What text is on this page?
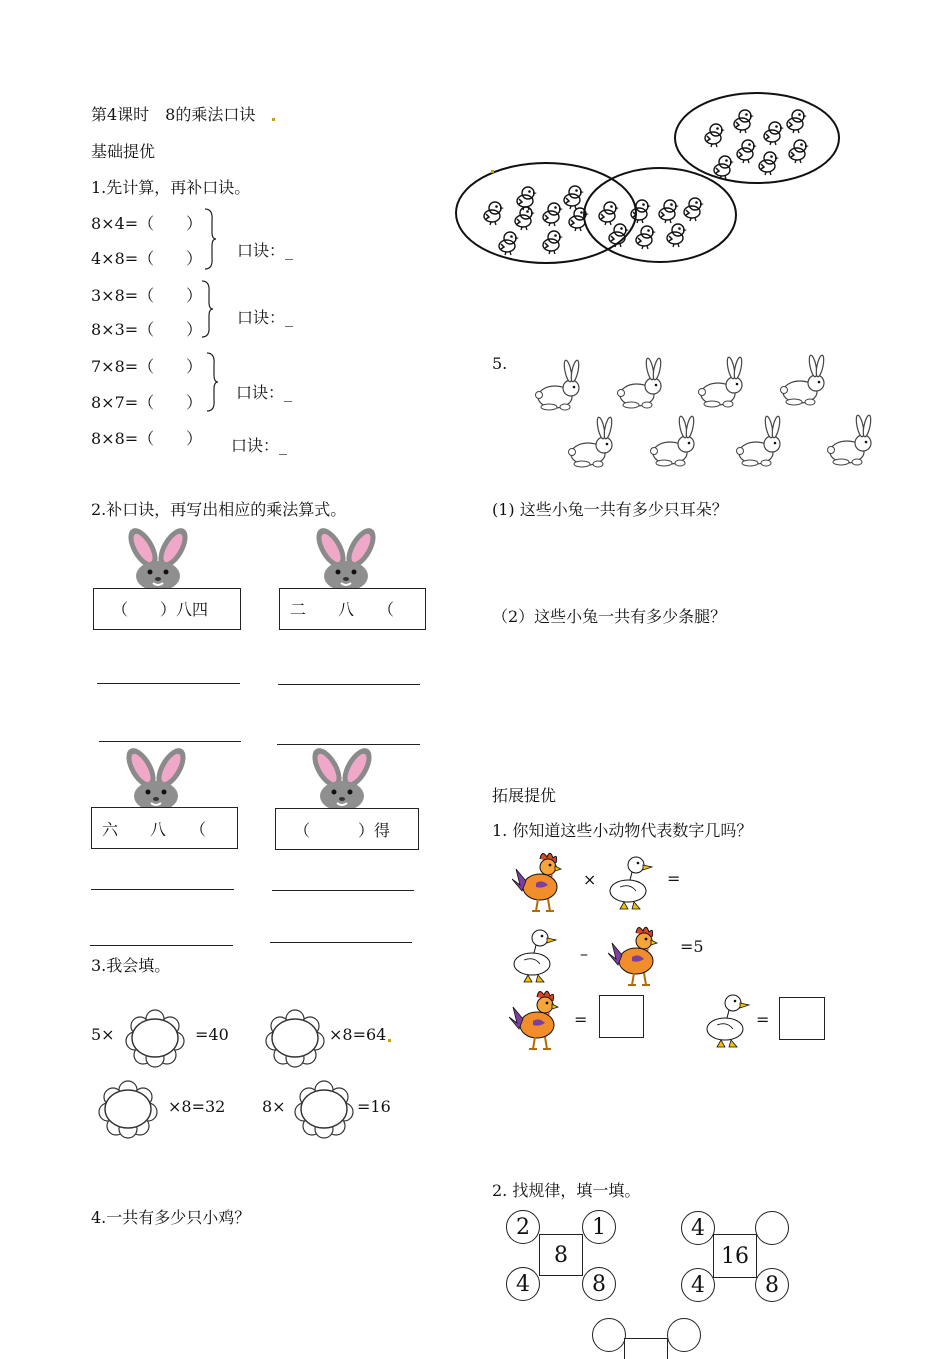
第4课时　8的乘法口诀
基础提优
1.先计算，再补口诀。
8×4=（　　）
4×8=（　　） 口诀：_
3×8=（　　）
8×3=（　　）
口诀：_
7×8=（　　）
8×7=（　　）
口诀：_
8×8=（　　） 口诀：_
2.补口诀，再写出相应的乘法算式。
（　　）八四	二　　八　　（
六　　八　　（	（　　　）得
3.我会填。
5×	=40	×8=64
×8=32 8×	=16
4.一共有多少只小鸡？
5.
(1) 这些小兔一共有多少只耳朵？
（2）这些小兔一共有多少条腿？
拓展提优
1. 你知道这些小动物代表数字几吗？
×	=
–	=5
=	=
2. 找规律，填一填。
8
2	1
4	8
16
4
4	8
